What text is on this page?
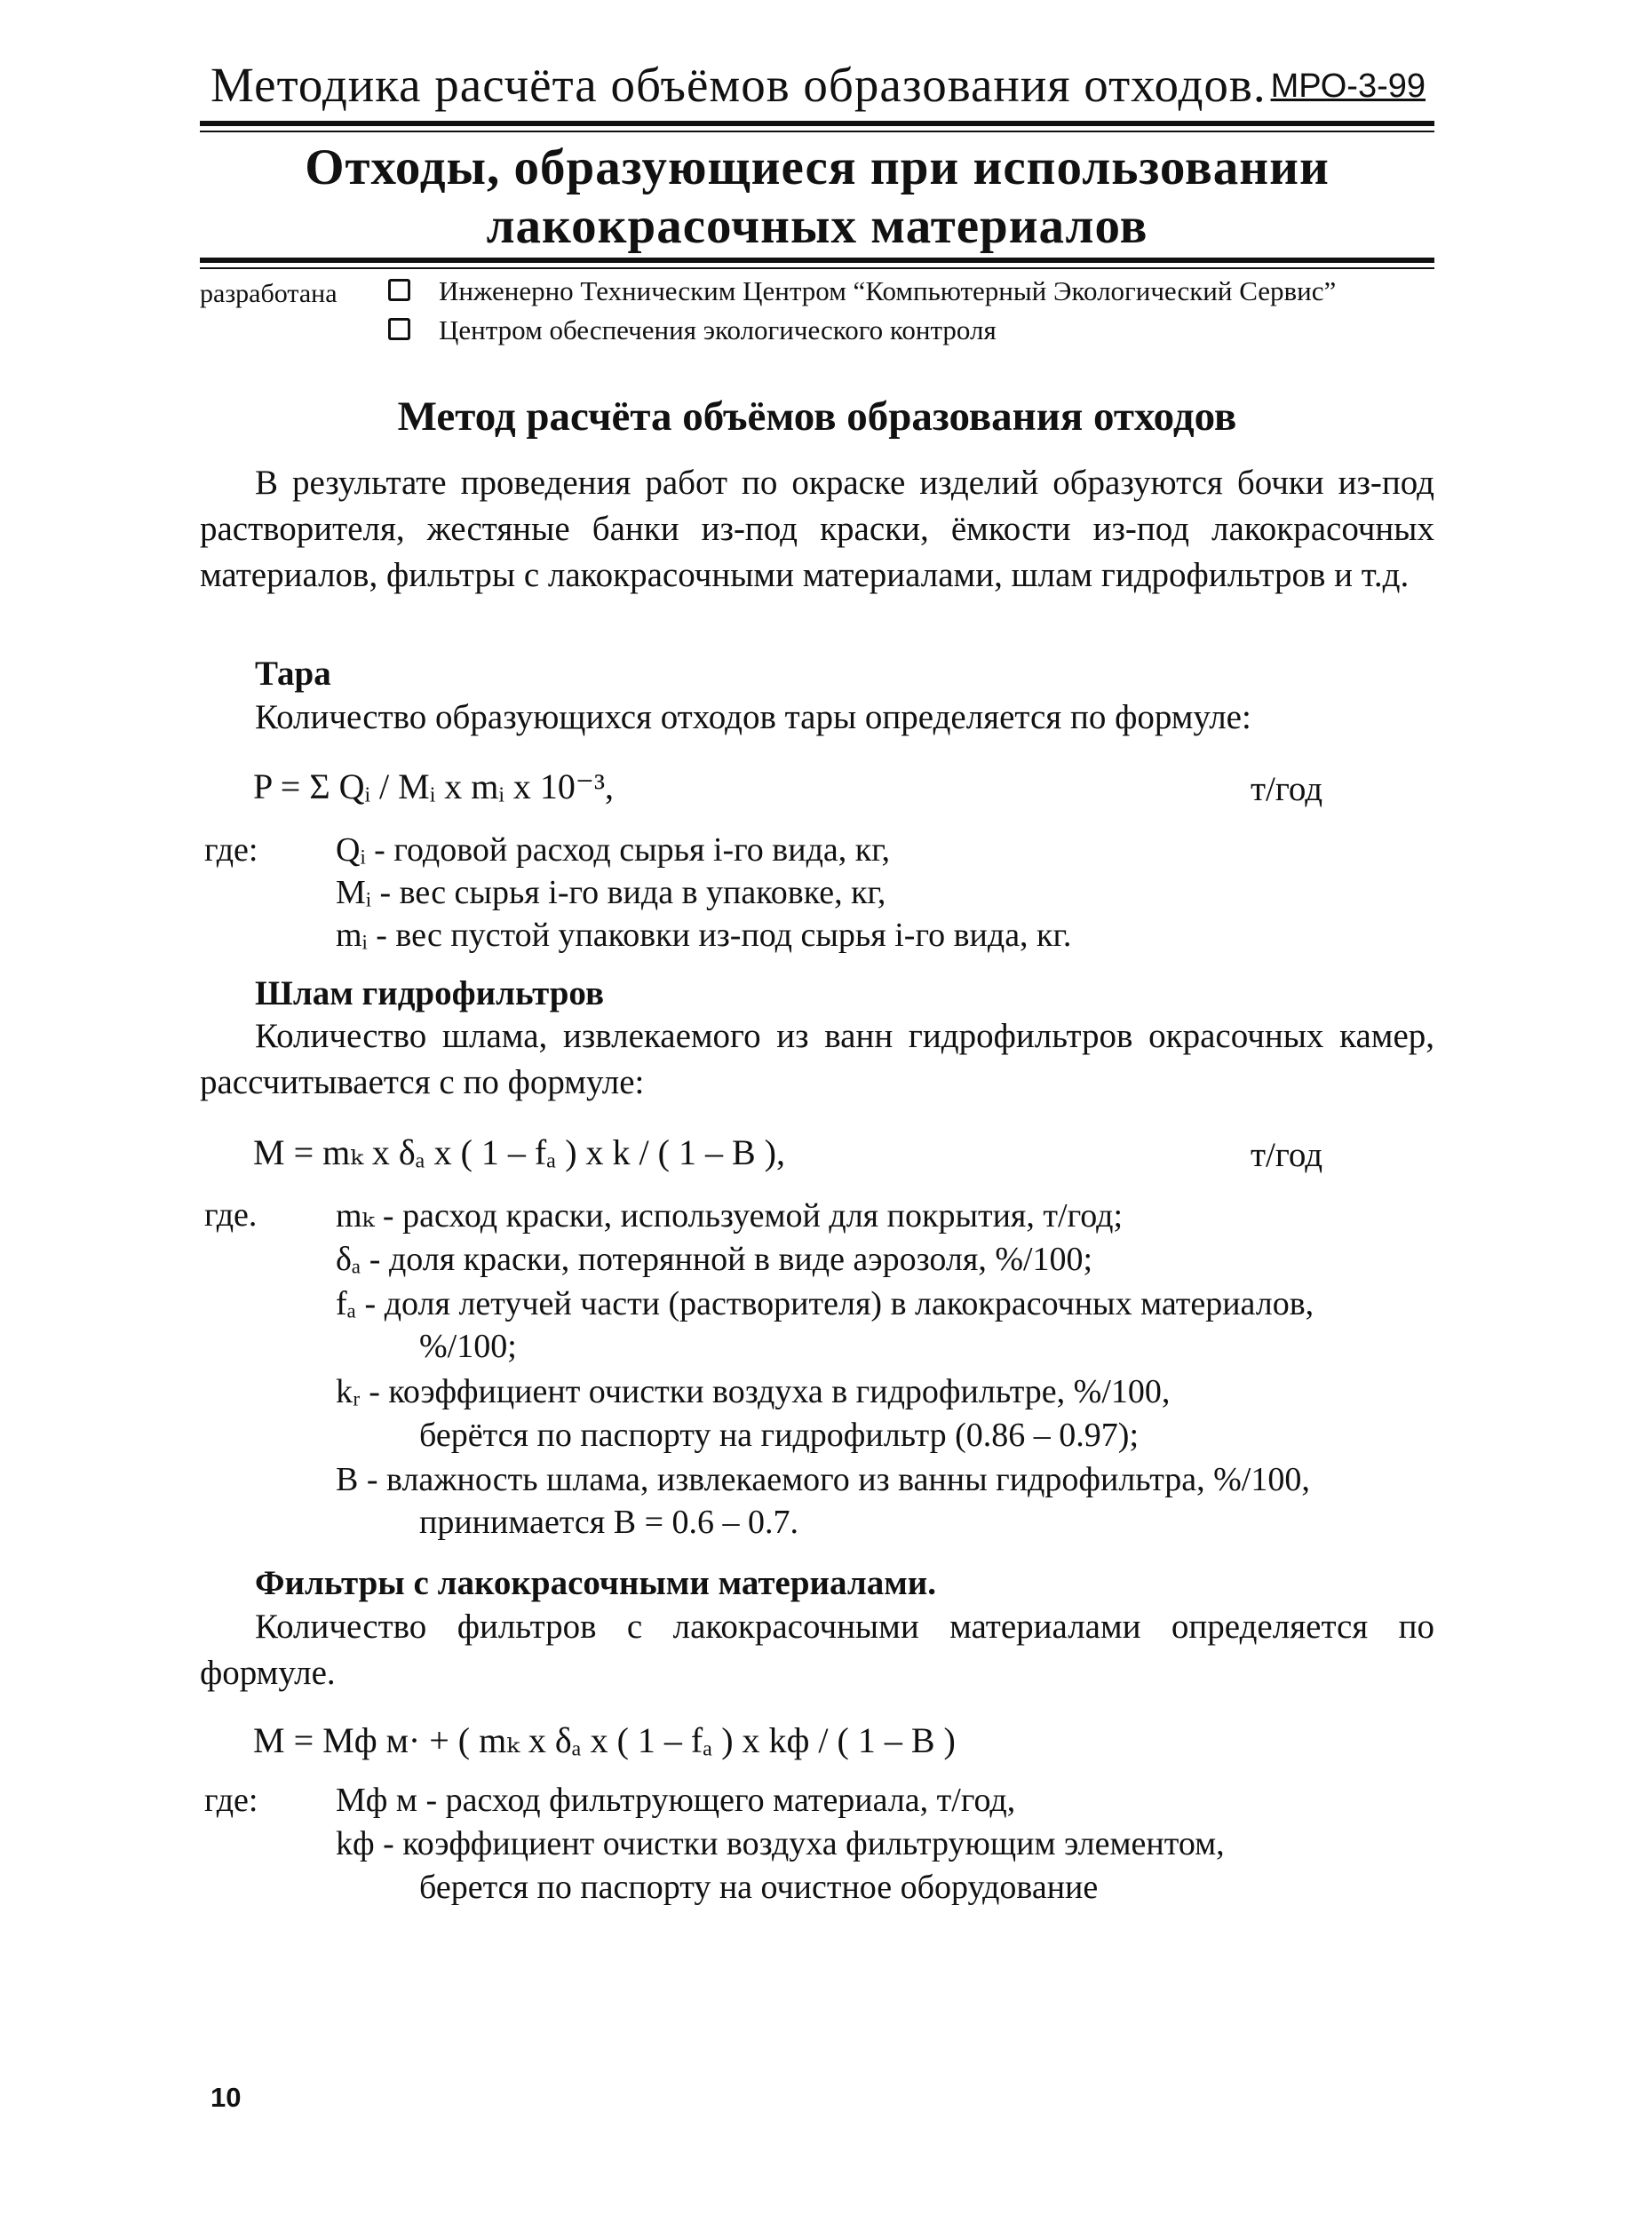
Методика расчёта объёмов образования отходов. МРО-3-99
Отходы, образующиеся при использовании
лакокрасочных материалов
разработана	Инженерно Техническим Центром “Компьютерный Экологический Сервис”
Центром обеспечения экологического контроля
Метод расчёта объёмов образования отходов
В результате проведения работ по окраске изделий образуются бочки из-под растворителя, жестяные банки из-под краски, ёмкости из-под лакокрасочных материалов, фильтры с лакокрасочными материалами, шлам гидрофильтров и т.д.
Тара
Количество образующихся отходов тары определяется по формуле:
P = Σ Qᵢ / Mᵢ x mᵢ x 10⁻³,	т/год
где: Qᵢ - годовой расход сырья i-го вида, кг,
Mᵢ - вес сырья i-го вида в упаковке, кг,
mᵢ - вес пустой упаковки из-под сырья i-го вида, кг.
Шлам гидрофильтров
Количество шлама, извлекаемого из ванн гидрофильтров окрасочных камер, рассчитывается с по формуле:
M = mₖ x δₐ x ( 1 – fₐ ) x k / ( 1 – B ),	т/год
где. mₖ - расход краски, используемой для покрытия, т/год;
δₐ - доля краски, потерянной в виде аэрозоля, %/100;
fₐ - доля летучей части (растворителя) в лакокрасочных материалов,
%/100;
kᵣ - коэффициент очистки воздуха в гидрофильтре, %/100,
берётся по паспорту на гидрофильтр (0.86 – 0.97);
B - влажность шлама, извлекаемого из ванны гидрофильтра, %/100,
принимается B = 0.6 – 0.7.
Фильтры с лакокрасочными материалами.
Количество фильтров с лакокрасочными материалами определяется по формуле.
M = Mф м· + ( mₖ x δₐ x ( 1 – fₐ ) x kф / ( 1 – B )
где: Mф м - расход фильтрующего материала, т/год,
kф - коэффициент очистки воздуха фильтрующим элементом,
берется по паспорту на очистное оборудование
10
